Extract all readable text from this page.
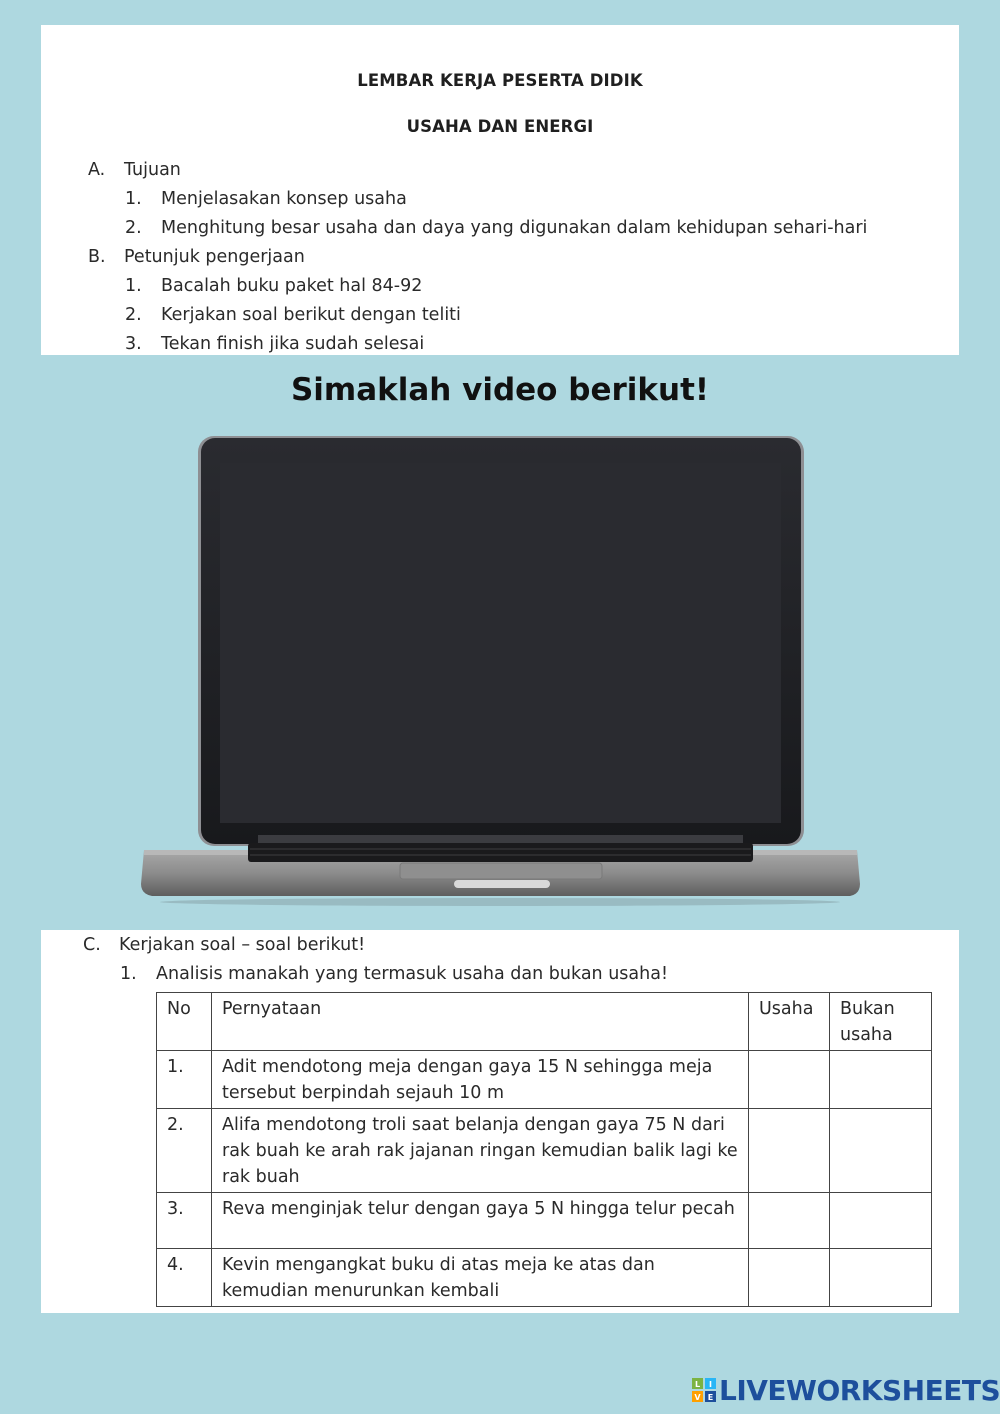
LEMBAR KERJA PESERTA DIDIK
USAHA DAN ENERGI
A. Tujuan
1. Menjelasakan konsep usaha
2. Menghitung besar usaha dan daya yang digunakan dalam kehidupan sehari-hari
B. Petunjuk pengerjaan
1. Bacalah buku paket hal 84-92
2. Kerjakan soal berikut dengan teliti
3. Tekan finish jika sudah selesai
Simaklah video berikut!
C. Kerjakan soal – soal berikut!
1. Analisis manakah yang termasuk usaha dan bukan usaha!
No	Pernyataan	Usaha	Bukan usaha
1.	Adit mendotong meja dengan gaya 15 N sehingga meja tersebut berpindah sejauh 10 m		
2.	Alifa mendotong troli saat belanja dengan gaya 75 N dari rak buah ke arah rak jajanan ringan kemudian balik lagi ke rak buah		
3.	Reva menginjak telur dengan gaya 5 N hingga telur pecah		
4.	Kevin mengangkat buku di atas meja ke atas dan kemudian menurunkan kembali		
L I
V E LIVEWORKSHEETS
